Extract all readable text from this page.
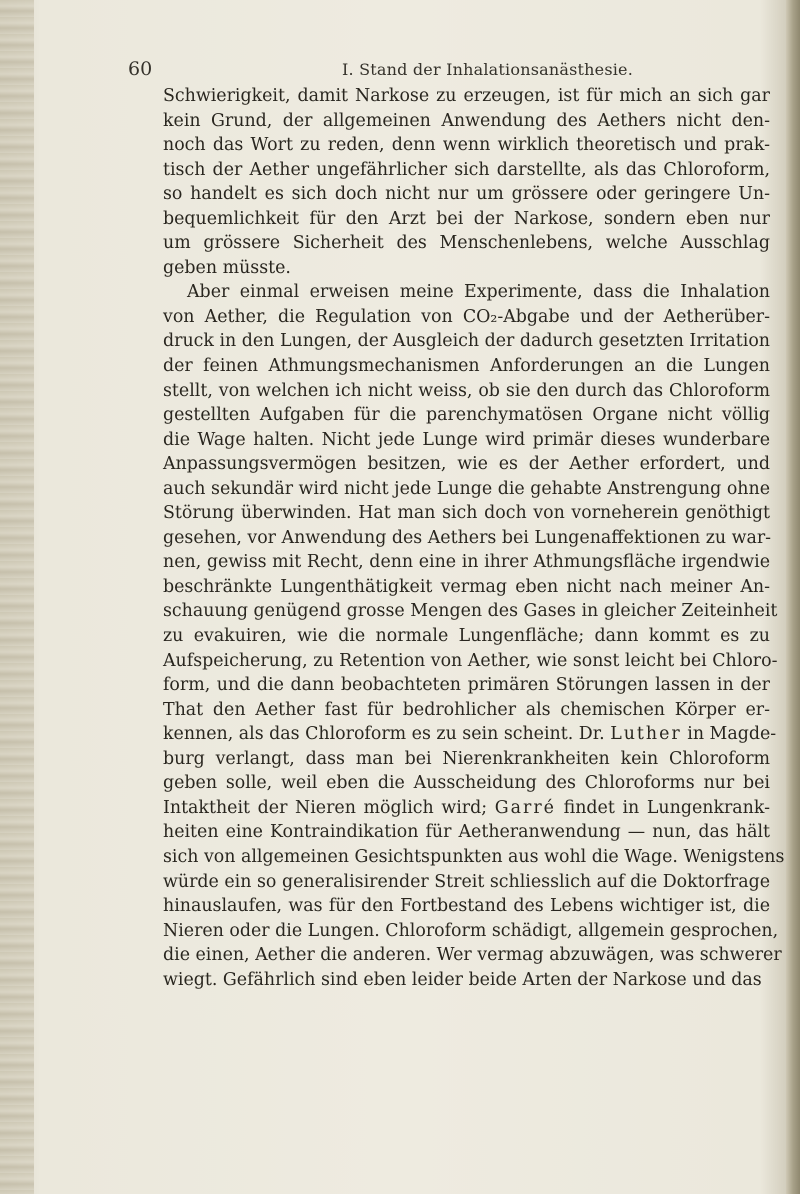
60	I. Stand der Inhalationsanästhesie.
Schwierigkeit, damit Narkose zu erzeugen, ist für mich an sich gar
kein Grund, der allgemeinen Anwendung des Aethers nicht den-
noch das Wort zu reden, denn wenn wirklich theoretisch und prak-
tisch der Aether ungefährlicher sich darstellte, als das Chloroform,
so handelt es sich doch nicht nur um grössere oder geringere Un-
bequemlichkeit für den Arzt bei der Narkose, sondern eben nur
um grössere Sicherheit des Menschenlebens, welche Ausschlag
geben müsste.
Aber einmal erweisen meine Experimente, dass die Inhalation
von Aether, die Regulation von CO₂-Abgabe und der Aetherüber-
druck in den Lungen, der Ausgleich der dadurch gesetzten Irritation
der feinen Athmungsmechanismen Anforderungen an die Lungen
stellt, von welchen ich nicht weiss, ob sie den durch das Chloroform
gestellten Aufgaben für die parenchymatösen Organe nicht völlig
die Wage halten. Nicht jede Lunge wird primär dieses wunderbare
Anpassungsvermögen besitzen, wie es der Aether erfordert, und
auch sekundär wird nicht jede Lunge die gehabte Anstrengung ohne
Störung überwinden. Hat man sich doch von vorneherein genöthigt
gesehen, vor Anwendung des Aethers bei Lungenaffektionen zu war-
nen, gewiss mit Recht, denn eine in ihrer Athmungsfläche irgendwie
beschränkte Lungenthätigkeit vermag eben nicht nach meiner An-
schauung genügend grosse Mengen des Gases in gleicher Zeiteinheit
zu evakuiren, wie die normale Lungenfläche; dann kommt es zu
Aufspeicherung, zu Retention von Aether, wie sonst leicht bei Chloro-
form, und die dann beobachteten primären Störungen lassen in der
That den Aether fast für bedrohlicher als chemischen Körper er-
kennen, als das Chloroform es zu sein scheint. Dr. Luther in Magde-
burg verlangt, dass man bei Nierenkrankheiten kein Chloroform
geben solle, weil eben die Ausscheidung des Chloroforms nur bei
Intaktheit der Nieren möglich wird; Garré findet in Lungenkrank-
heiten eine Kontraindikation für Aetheranwendung — nun, das hält
sich von allgemeinen Gesichtspunkten aus wohl die Wage. Wenigstens
würde ein so generalisirender Streit schliesslich auf die Doktorfrage
hinauslaufen, was für den Fortbestand des Lebens wichtiger ist, die
Nieren oder die Lungen. Chloroform schädigt, allgemein gesprochen,
die einen, Aether die anderen. Wer vermag abzuwägen, was schwerer
wiegt. Gefährlich sind eben leider beide Arten der Narkose und das
